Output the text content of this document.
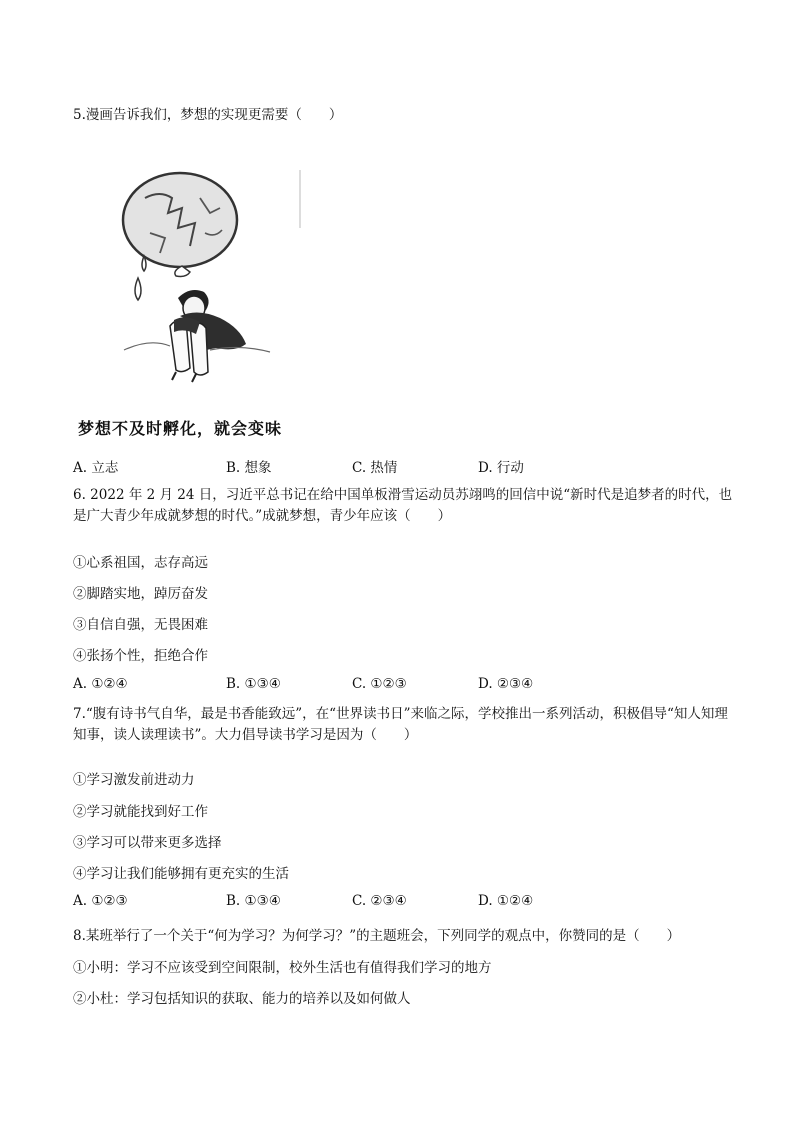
5.漫画告诉我们，梦想的实现更需要（　　）
梦想不及时孵化，就会变味
A. 立志	B. 想象	C. 热情	D. 行动
6. 2022 年 2 月 24 日，习近平总书记在给中国单板滑雪运动员苏翊鸣的回信中说“新时代是追梦者的时代，也是广大青少年成就梦想的时代。”成就梦想，青少年应该（　　）
①心系祖国，志存高远
②脚踏实地，踔厉奋发
③自信自强，无畏困难
④张扬个性，拒绝合作
A. ①②④	B. ①③④	C. ①②③	D. ②③④
7.“腹有诗书气自华，最是书香能致远”，在“世界读书日”来临之际，学校推出一系列活动，积极倡导“知人知理知事，读人读理读书”。大力倡导读书学习是因为（　　）
①学习激发前进动力
②学习就能找到好工作
③学习可以带来更多选择
④学习让我们能够拥有更充实的生活
A. ①②③	B. ①③④	C. ②③④	D. ①②④
8.某班举行了一个关于“何为学习？为何学习？”的主题班会，下列同学的观点中，你赞同的是（　　）
①小明：学习不应该受到空间限制，校外生活也有值得我们学习的地方
②小杜：学习包括知识的获取、能力的培养以及如何做人
